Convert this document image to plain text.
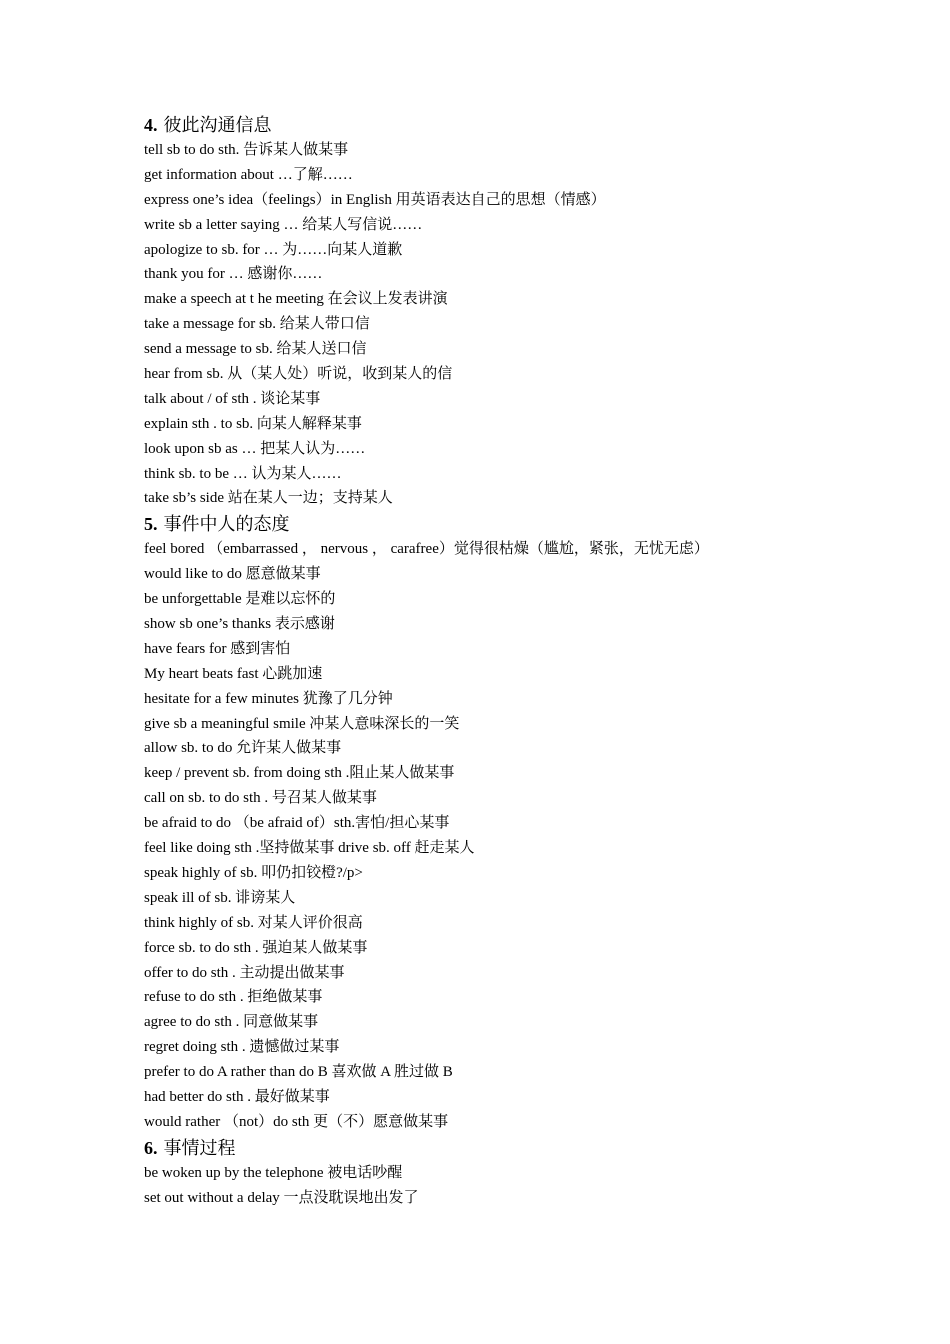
4. 彼此沟通信息
tell sb to do sth. 告诉某人做某事
get information about …了解……
express one’s idea（feelings）in English 用英语表达自己的思想（情感）
write sb a letter saying … 给某人写信说……
apologize to sb. for … 为……向某人道歉
thank you for … 感谢你……
make a speech at t he meeting 在会议上发表讲演
take a message for sb. 给某人带口信
send a message to sb. 给某人送口信
hear from sb. 从（某人处）听说，收到某人的信
talk about / of sth . 谈论某事
explain sth . to sb. 向某人解释某事
look upon sb as … 把某人认为……
think sb. to be … 认为某人……
take sb’s side 站在某人一边；支持某人
5. 事件中人的态度
feel bored （embarrassed ， nervous ， carafree）觉得很枯燥（尴尬，紧张，无忧无虑）
would like to do 愿意做某事
be unforgettable 是难以忘怀的
show sb one’s thanks 表示感谢
have fears for 感到害怕
My heart beats fast 心跳加速
hesitate for a few minutes 犹豫了几分钟
give sb a meaningful smile 冲某人意味深长的一笑
allow sb. to do 允许某人做某事
keep / prevent sb. from doing sth .阻止某人做某事
call on sb. to do sth . 号召某人做某事
be afraid to do （be afraid of）sth.害怕/担心某事
feel like doing sth .坚持做某事 drive sb. off 赶走某人
speak highly of sb. 叩仍扣铰橙?/p>
speak ill of sb. 诽谤某人
think highly of sb. 对某人评价很高
force sb. to do sth . 强迫某人做某事
offer to do sth . 主动提出做某事
refuse to do sth . 拒绝做某事
agree to do sth . 同意做某事
regret doing sth . 遗憾做过某事
prefer to do A rather than do B 喜欢做 A 胜过做 B
had better do sth . 最好做某事
would rather （not）do sth 更（不）愿意做某事
6. 事情过程
be woken up by the telephone 被电话吵醒
set out without a delay 一点没耽误地出发了
